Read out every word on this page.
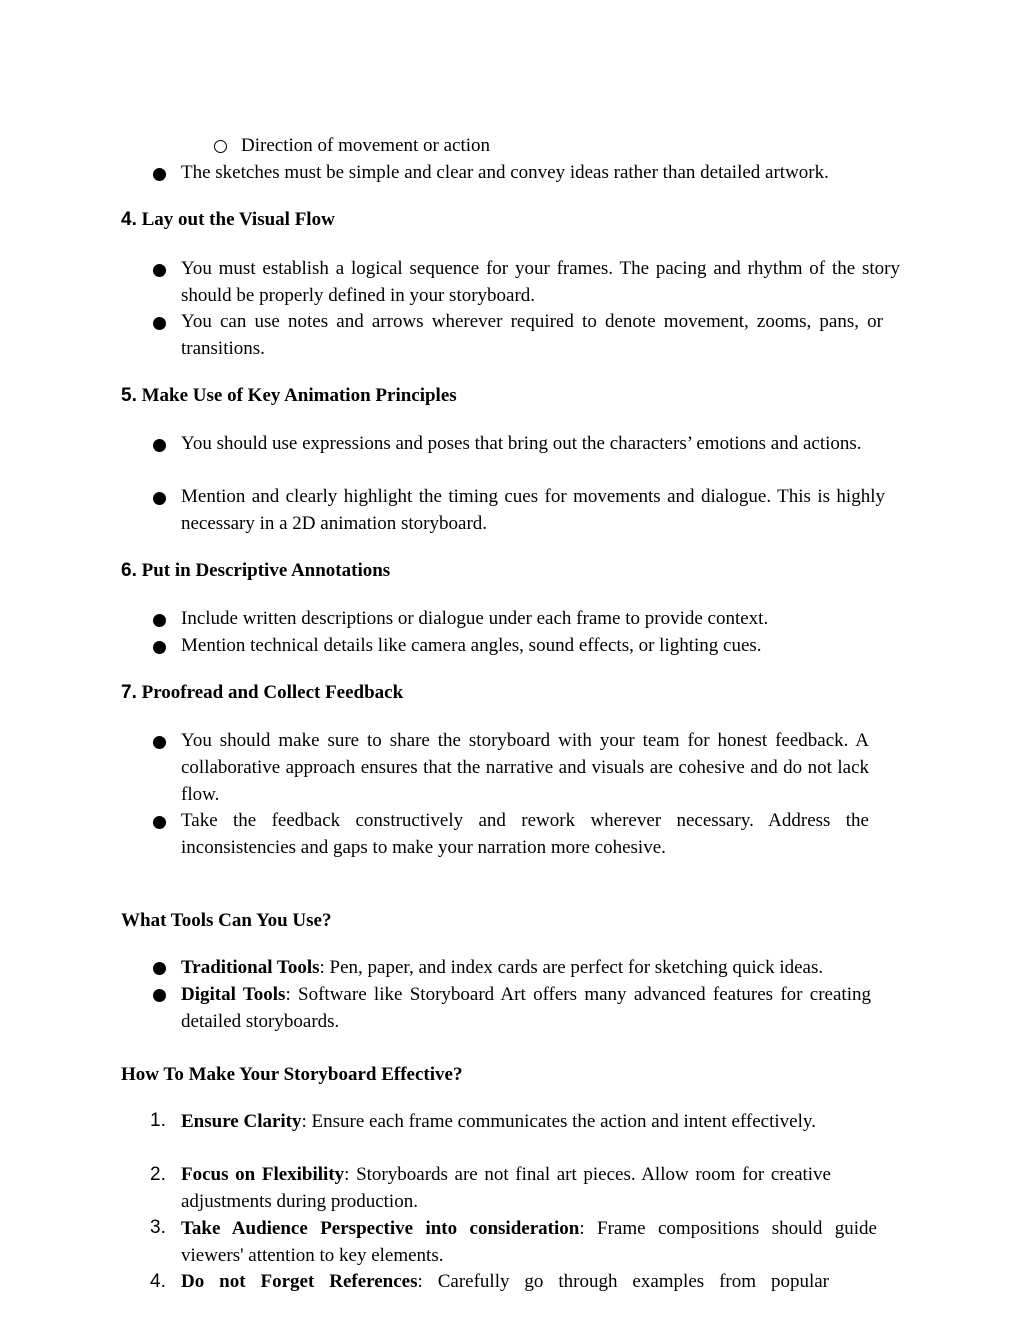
Direction of movement or action
The sketches must be simple and clear and convey ideas rather than detailed artwork.
4. Lay out the Visual Flow

You must establish a logical sequence for your frames. The pacing and rhythm of the story should be properly defined in your storyboard.

You can use notes and arrows wherever required to denote movement, zooms, pans, or transitions.

5. Make Use of Key Animation Principles

You should use expressions and poses that bring out the characters’ emotions and actions.

Mention and clearly highlight the timing cues for movements and dialogue. This is highly necessary in a 2D animation storyboard.

6. Put in Descriptive Annotations
Include written descriptions or dialogue under each frame to provide context.
Mention technical details like camera angles, sound effects, or lighting cues.
7. Proofread and Collect Feedback

You should make sure to share the storyboard with your team for honest feedback. A collaborative approach ensures that the narrative and visuals are cohesive and do not lack flow.

Take the feedback constructively and rework wherever necessary. Address the inconsistencies and gaps to make your narration more cohesive.

What Tools Can You Use?
Traditional Tools: Pen, paper, and index cards are perfect for sketching quick ideas.

Digital Tools: Software like Storyboard Art offers many advanced features for creating detailed storyboards.

How To Make Your Storyboard Effective?
1. Ensure Clarity: Ensure each frame communicates the action and intent effectively.

2. Focus on Flexibility: Storyboards are not final art pieces. Allow room for creative adjustments during production.

3. Take Audience Perspective into consideration: Frame compositions should guide viewers' attention to key elements.

4. Do not Forget References: Carefully go through examples from popular
